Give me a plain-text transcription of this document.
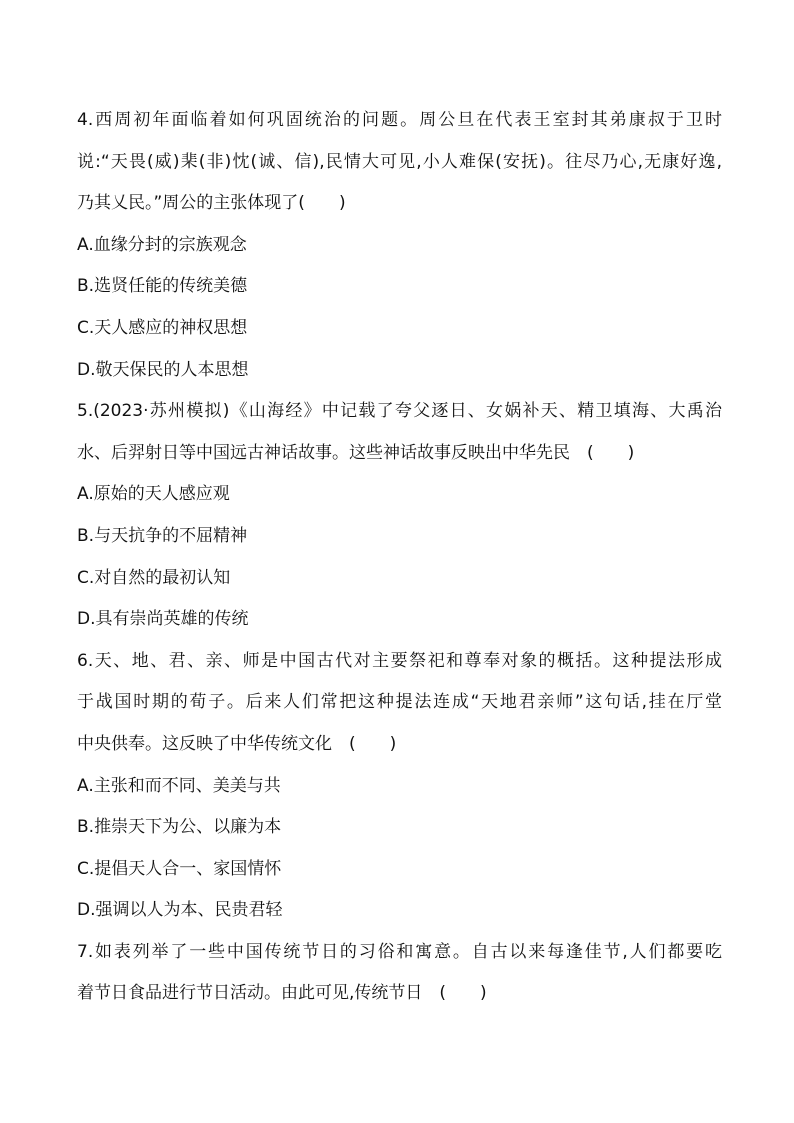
4.西周初年面临着如何巩固统治的问题。周公旦在代表王室封其弟康叔于卫时
说:“天畏(威)棐(非)忱(诚、信),民情大可见,小人难保(安抚)。往尽乃心,无康好逸,
乃其乂民。”周公的主张体现了(　　)
A.血缘分封的宗族观念
B.选贤任能的传统美德
C.天人感应的神权思想
D.敬天保民的人本思想
5.(2023·苏州模拟)《山海经》中记载了夸父逐日、女娲补天、精卫填海、大禹治
水、后羿射日等中国远古神话故事。这些神话故事反映出中华先民　(　　)
A.原始的天人感应观
B.与天抗争的不屈精神
C.对自然的最初认知
D.具有崇尚英雄的传统
6.天、地、君、亲、师是中国古代对主要祭祀和尊奉对象的概括。这种提法形成
于战国时期的荀子。后来人们常把这种提法连成“天地君亲师”这句话,挂在厅堂
中央供奉。这反映了中华传统文化　(　　)
A.主张和而不同、美美与共
B.推崇天下为公、以廉为本
C.提倡天人合一、家国情怀
D.强调以人为本、民贵君轻
7.如表列举了一些中国传统节日的习俗和寓意。自古以来每逢佳节,人们都要吃
着节日食品进行节日活动。由此可见,传统节日　(　　)
